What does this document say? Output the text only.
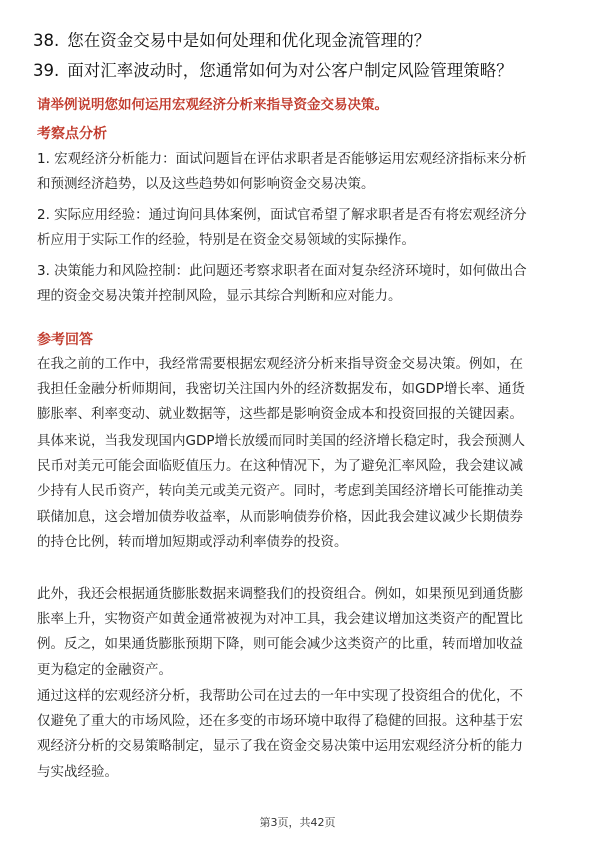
38. 您在资金交易中是如何处理和优化现金流管理的？
39. 面对汇率波动时，您通常如何为对公客户制定风险管理策略？
请举例说明您如何运用宏观经济分析来指导资金交易决策。
考察点分析
1. 宏观经济分析能力：面试问题旨在评估求职者是否能够运用宏观经济指标来分析
和预测经济趋势，以及这些趋势如何影响资金交易决策。
2. 实际应用经验：通过询问具体案例，面试官希望了解求职者是否有将宏观经济分
析应用于实际工作的经验，特别是在资金交易领域的实际操作。
3. 决策能力和风险控制：此问题还考察求职者在面对复杂经济环境时，如何做出合
理的资金交易决策并控制风险，显示其综合判断和应对能力。
参考回答
在我之前的工作中，我经常需要根据宏观经济分析来指导资金交易决策。例如，在
我担任金融分析师期间，我密切关注国内外的经济数据发布，如GDP增长率、通货
膨胀率、利率变动、就业数据等，这些都是影响资金成本和投资回报的关键因素。
具体来说，当我发现国内GDP增长放缓而同时美国的经济增长稳定时，我会预测人
民币对美元可能会面临贬值压力。在这种情况下，为了避免汇率风险，我会建议减
少持有人民币资产，转向美元或美元资产。同时，考虑到美国经济增长可能推动美
联储加息，这会增加债券收益率，从而影响债券价格，因此我会建议减少长期债券
的持仓比例，转而增加短期或浮动利率债券的投资。
此外，我还会根据通货膨胀数据来调整我们的投资组合。例如，如果预见到通货膨
胀率上升，实物资产如黄金通常被视为对冲工具，我会建议增加这类资产的配置比
例。反之，如果通货膨胀预期下降，则可能会减少这类资产的比重，转而增加收益
更为稳定的金融资产。
通过这样的宏观经济分析，我帮助公司在过去的一年中实现了投资组合的优化，不
仅避免了重大的市场风险，还在多变的市场环境中取得了稳健的回报。这种基于宏
观经济分析的交易策略制定，显示了我在资金交易决策中运用宏观经济分析的能力
与实战经验。
第3页，共42页
